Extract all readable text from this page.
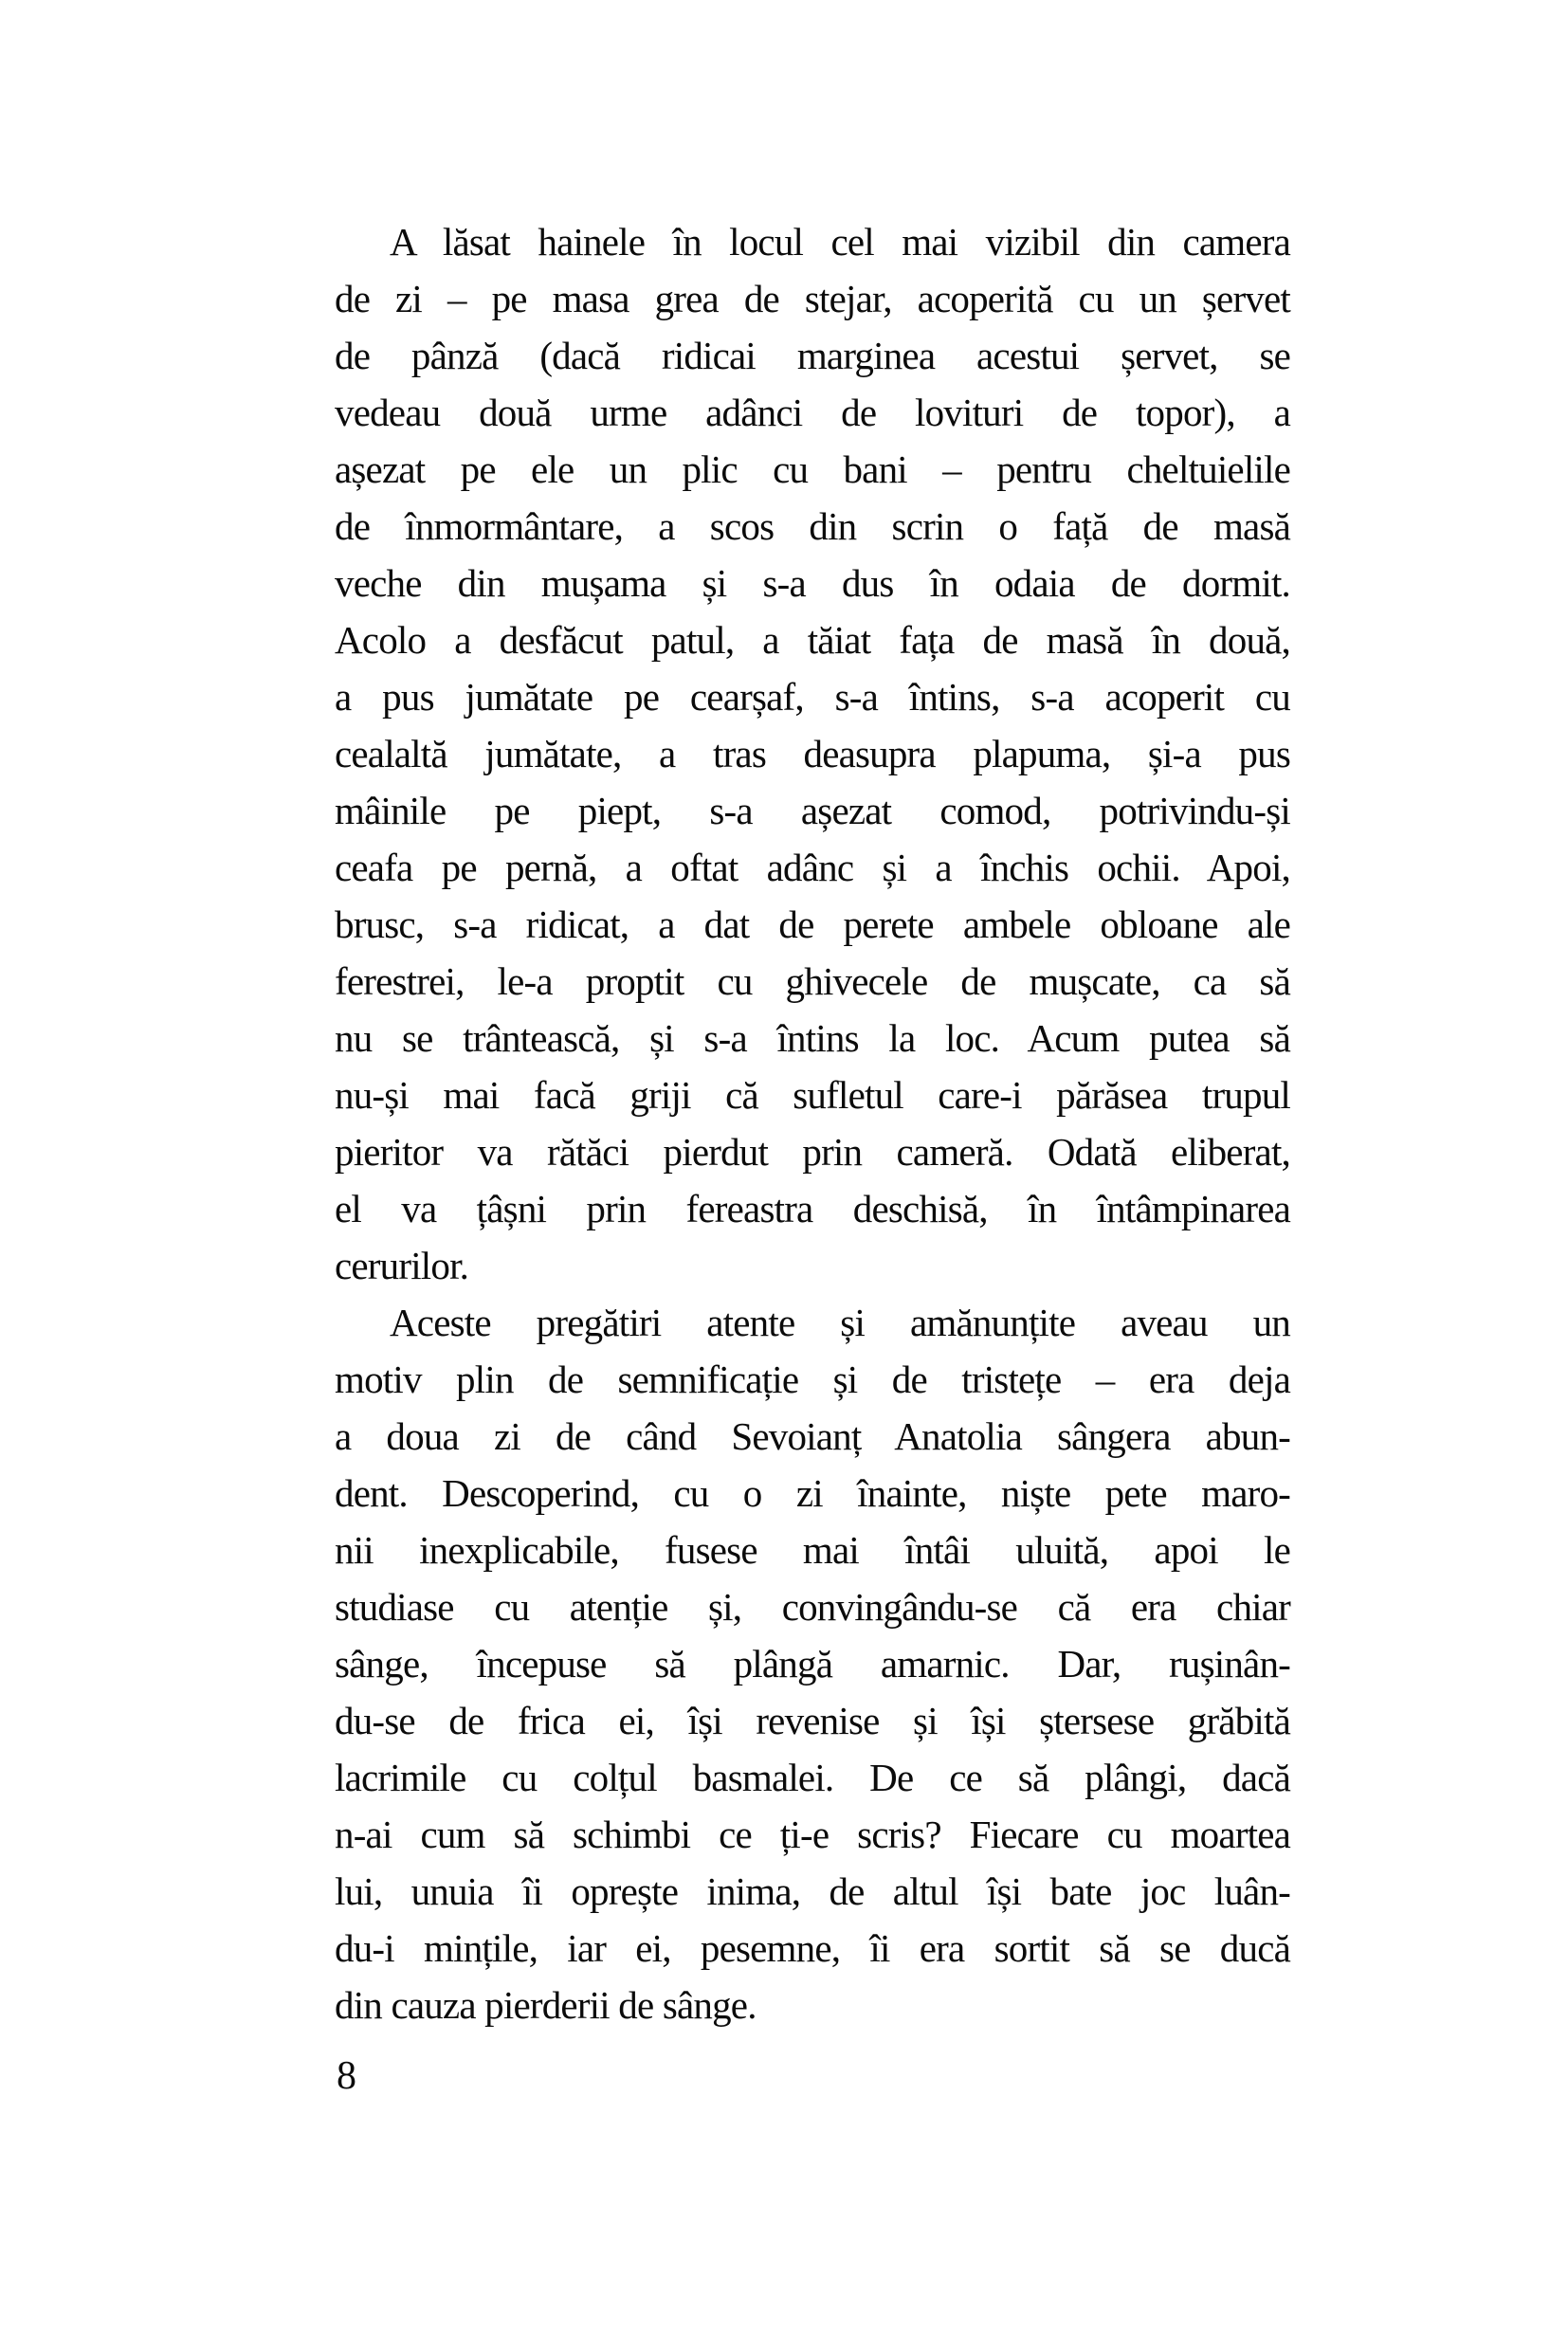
A lăsat hainele în locul cel mai vizibil din camera
de zi – pe masa grea de stejar, acoperită cu un șervet
de pânză (dacă ridicai marginea acestui șervet, se
vedeau două urme adânci de lovituri de topor), a
așezat pe ele un plic cu bani – pentru cheltuielile
de înmormântare, a scos din scrin o față de masă
veche din mușama și s-a dus în odaia de dormit.
Acolo a desfăcut patul, a tăiat fața de masă în două,
a pus jumătate pe cearșaf, s-a întins, s-a acoperit cu
cealaltă jumătate, a tras deasupra plapuma, și-a pus
mâinile pe piept, s-a așezat comod, potrivindu-și
ceafa pe pernă, a oftat adânc și a închis ochii. Apoi,
brusc, s-a ridicat, a dat de perete ambele obloane ale
ferestrei, le-a proptit cu ghivecele de mușcate, ca să
nu se trântească, și s-a întins la loc. Acum putea să
nu-și mai facă griji că sufletul care-i părăsea trupul
pieritor va rătăci pierdut prin cameră. Odată eliberat,
el va țâșni prin fereastra deschisă, în întâmpinarea
cerurilor.
Aceste pregătiri atente și amănunțite aveau un
motiv plin de semnificație și de tristețe – era deja
a doua zi de când Sevoianț Anatolia sângera abun-
dent. Descoperind, cu o zi înainte, niște pete maro-
nii inexplicabile, fusese mai întâi uluită, apoi le
studiase cu atenție și, convingându-se că era chiar
sânge, începuse să plângă amarnic. Dar, rușinân-
du-se de frica ei, își revenise și își ștersese grăbită
lacrimile cu colțul basmalei. De ce să plângi, dacă
n-ai cum să schimbi ce ți-e scris? Fiecare cu moartea
lui, unuia îi oprește inima, de altul își bate joc luân-
du-i mințile, iar ei, pesemne, îi era sortit să se ducă
din cauza pierderii de sânge.
8
